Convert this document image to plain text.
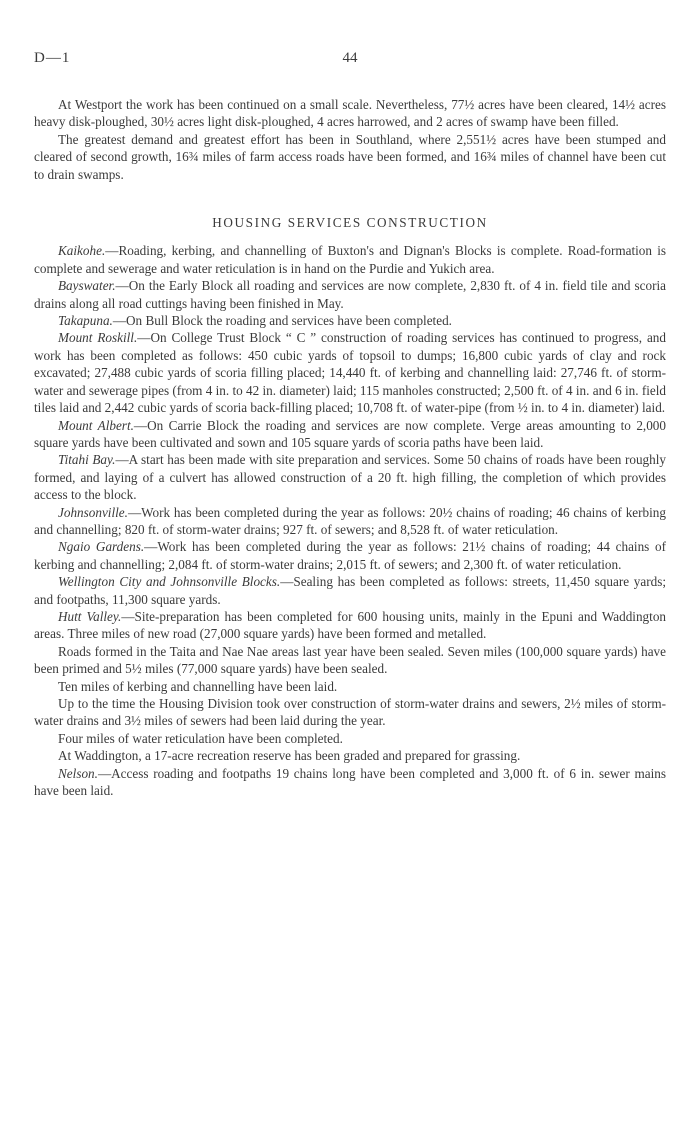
D—1	44

At Westport the work has been continued on a small scale. Nevertheless, 77½ acres have been cleared, 14½ acres heavy disk-ploughed, 30½ acres light disk-ploughed, 4 acres harrowed, and 2 acres of swamp have been filled.

The greatest demand and greatest effort has been in Southland, where 2,551½ acres have been stumped and cleared of second growth, 16¾ miles of farm access roads have been formed, and 16¾ miles of channel have been cut to drain swamps.

HOUSING SERVICES CONSTRUCTION

Kaikohe.—Roading, kerbing, and channelling of Buxton's and Dignan's Blocks is complete. Road-formation is complete and sewerage and water reticulation is in hand on the Purdie and Yukich area.

Bayswater.—On the Early Block all roading and services are now complete, 2,830 ft. of 4 in. field tile and scoria drains along all road cuttings having been finished in May.

Takapuna.—On Bull Block the roading and services have been completed.

Mount Roskill.—On College Trust Block “ C ” construction of roading services has continued to progress, and work has been completed as follows: 450 cubic yards of topsoil to dumps; 16,800 cubic yards of clay and rock excavated; 27,488 cubic yards of scoria filling placed; 14,440 ft. of kerbing and channelling laid: 27,746 ft. of storm-water and sewerage pipes (from 4 in. to 42 in. diameter) laid; 115 manholes constructed; 2,500 ft. of 4 in. and 6 in. field tiles laid and 2,442 cubic yards of scoria back-filling placed; 10,708 ft. of water-pipe (from ½ in. to 4 in. diameter) laid.

Mount Albert.—On Carrie Block the roading and services are now complete. Verge areas amounting to 2,000 square yards have been cultivated and sown and 105 square yards of scoria paths have been laid.

Titahi Bay.—A start has been made with site preparation and services. Some 50 chains of roads have been roughly formed, and laying of a culvert has allowed construction of a 20 ft. high filling, the completion of which provides access to the block.

Johnsonville.—Work has been completed during the year as follows: 20½ chains of roading; 46 chains of kerbing and channelling; 820 ft. of storm-water drains; 927 ft. of sewers; and 8,528 ft. of water reticulation.

Ngaio Gardens.—Work has been completed during the year as follows: 21½ chains of roading; 44 chains of kerbing and channelling; 2,084 ft. of storm-water drains; 2,015 ft. of sewers; and 2,300 ft. of water reticulation.

Wellington City and Johnsonville Blocks.—Sealing has been completed as follows: streets, 11,450 square yards; and footpaths, 11,300 square yards.

Hutt Valley.—Site-preparation has been completed for 600 housing units, mainly in the Epuni and Waddington areas. Three miles of new road (27,000 square yards) have been formed and metalled.

Roads formed in the Taita and Nae Nae areas last year have been sealed. Seven miles (100,000 square yards) have been primed and 5½ miles (77,000 square yards) have been sealed.

Ten miles of kerbing and channelling have been laid.

Up to the time the Housing Division took over construction of storm-water drains and sewers, 2½ miles of storm-water drains and 3½ miles of sewers had been laid during the year.

Four miles of water reticulation have been completed.

At Waddington, a 17-acre recreation reserve has been graded and prepared for grassing.

Nelson.—Access roading and footpaths 19 chains long have been completed and 3,000 ft. of 6 in. sewer mains have been laid.
